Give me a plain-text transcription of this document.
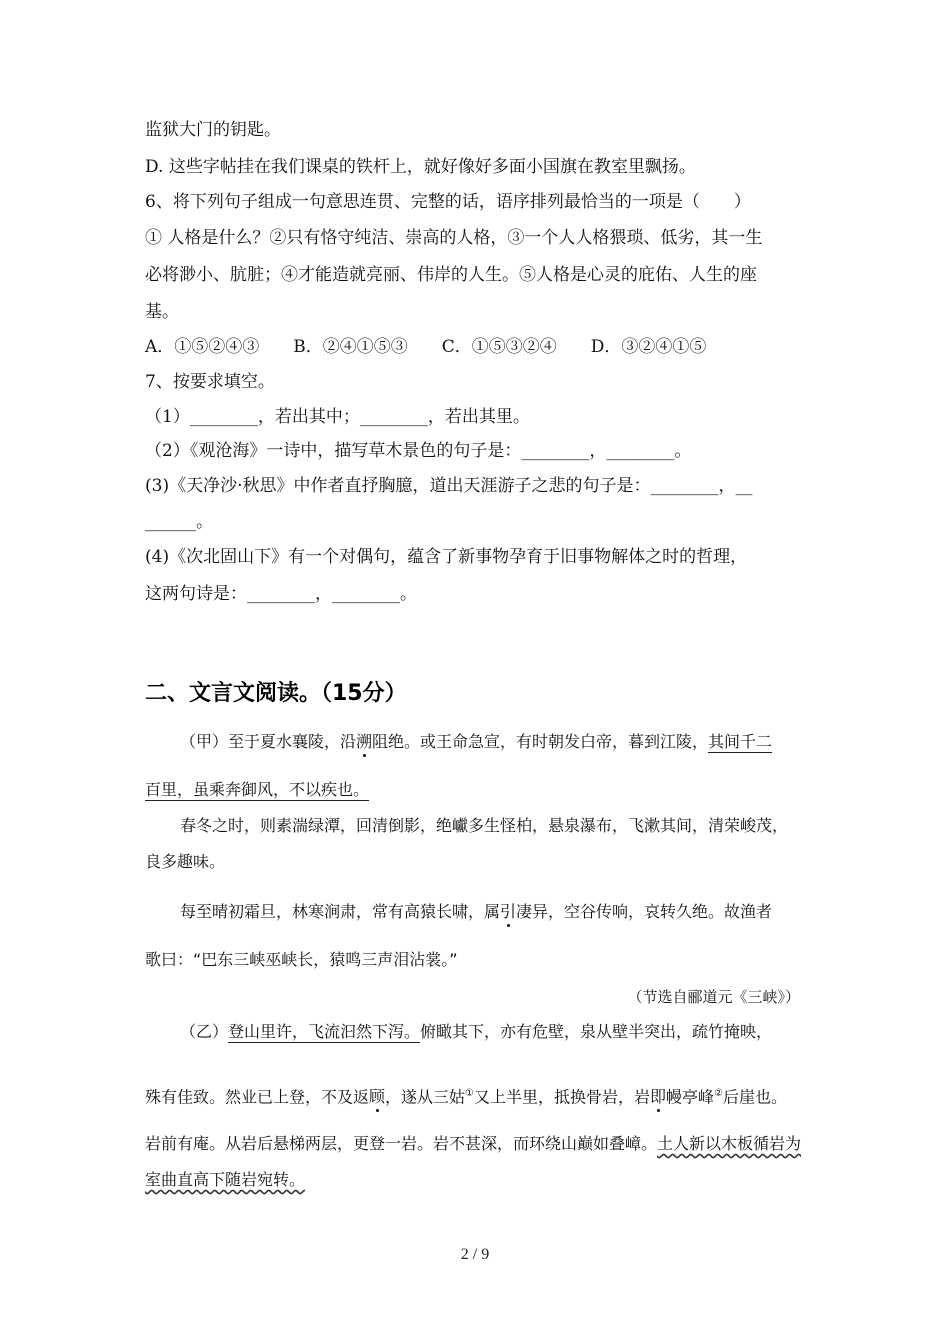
监狱大门的钥匙。
D. 这些字帖挂在我们课桌的铁杆上，就好像好多面小国旗在教室里飘扬。
6、将下列句子组成一句意思连贯、完整的话，语序排列最恰当的一项是（　　）
① 人格是什么？②只有恪守纯洁、崇高的人格，③一个人人格猥琐、低劣，其一生
必将渺小、肮脏；④才能造就亮丽、伟岸的人生。⑤人格是心灵的庇佑、人生的座
基。
A．①⑤②④③　　B．②④①⑤③　　C．①⑤③②④　　D．③②④①⑤
7、按要求填空。
（1）________，若出其中；________，若出其里。
（2）《观沧海》一诗中，描写草木景色的句子是：________，________。
(3)《天净沙·秋思》中作者直抒胸臆，道出天涯游子之悲的句子是：________，__
______。
(4)《次北固山下》有一个对偶句，蕴含了新事物孕育于旧事物解体之时的哲理，
这两句诗是：________，________。
二、文言文阅读。（15分）
（甲）至于夏水襄陵，沿溯阻绝。或王命急宣，有时朝发白帝，暮到江陵，其间千二
百里，虽乘奔御风，不以疾也。
春冬之时，则素湍绿潭，回清倒影，绝巘多生怪柏，悬泉瀑布，飞漱其间，清荣峻茂，
良多趣味。
每至晴初霜旦，林寒涧肃，常有高猿长啸，属引凄异，空谷传响，哀转久绝。故渔者
歌曰：“巴东三峡巫峡长，猿鸣三声泪沾裳。”
（节选自郦道元《三峡》）
（乙）登山里许，飞流汩然下泻。俯瞰其下，亦有危壁，泉从壁半突出，疏竹掩映，
殊有佳致。然业已上登，不及返顾，遂从三姑①又上半里，抵换骨岩，岩即幔亭峰②后崖也。
岩前有庵。从岩后悬梯两层，更登一岩。岩不甚深，而环绕山巅如叠嶂。土人新以木板循岩为
室曲直高下随岩宛转。
2 / 9
